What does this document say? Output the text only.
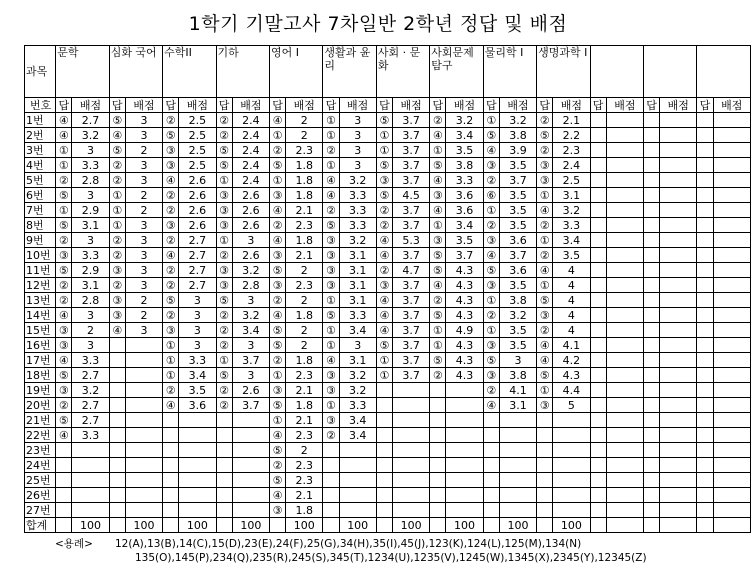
1학기 기말고사 7차일반 2학년 정답 및 배점
과목	문학		심화 국어		수학II		기하		영어 I		생활과 윤리		사회 · 문화		사회문제 탐구		물리학 I		생명과학 I							
번호	답	배점	답	배점	답	배점	답	배점	답	배점	답	배점	답	배점	답	배점	답	배점	답	배점	답	배점	답	배점	답	배점
1번	④	2.7	⑤	3	②	2.5	②	2.4	④	2	①	3	⑤	3.7	②	3.2	①	3.2	②	2.1						
2번	④	3.2	④	3	⑤	2.5	②	2.4	①	2	①	3	①	3.7	④	3.4	⑤	3.8	⑤	2.2						
3번	①	3	⑤	2	③	2.5	⑤	2.4	②	2.3	②	3	①	3.7	①	3.5	④	3.9	②	2.3						
4번	①	3.3	②	3	③	2.5	⑤	2.4	⑤	1.8	①	3	⑤	3.7	⑤	3.8	③	3.5	③	2.4						
5번	②	2.8	②	3	④	2.6	①	2.4	①	1.8	④	3.2	③	3.7	④	3.3	②	3.7	③	2.5						
6번	⑤	3	①	2	②	2.6	③	2.6	③	1.8	④	3.3	⑤	4.5	③	3.6	⑥	3.5	①	3.1						
7번	①	2.9	①	2	②	2.6	③	2.6	④	2.1	②	3.3	②	3.7	④	3.6	①	3.5	④	3.2						
8번	⑤	3.1	①	3	③	2.6	③	2.6	②	2.3	⑤	3.3	②	3.7	①	3.4	②	3.5	②	3.3						
9번	②	3	②	3	②	2.7	①	3	④	1.8	③	3.2	④	5.3	③	3.5	③	3.6	①	3.4						
10번	③	3.3	②	3	④	2.7	②	2.6	③	2.1	③	3.1	④	3.7	⑤	3.7	④	3.7	②	3.5						
11번	⑤	2.9	③	3	②	2.7	③	3.2	⑤	2	③	3.1	②	4.7	⑤	4.3	⑤	3.6	④	4						
12번	②	3.1	②	3	②	2.7	③	2.8	③	2.3	③	3.1	③	3.7	④	4.3	③	3.5	①	4						
13번	②	2.8	③	2	⑤	3	⑤	3	②	2	①	3.1	④	3.7	②	4.3	①	3.8	⑤	4						
14번	④	3	③	2	②	3	②	3.2	④	1.8	⑤	3.3	④	3.7	⑤	4.3	②	3.2	③	4						
15번	③	2	④	3	③	3	②	3.4	⑤	2	①	3.4	④	3.7	①	4.9	①	3.5	②	4						
16번	③	3			①	3	②	3	⑤	2	①	3	⑤	3.7	①	4.3	③	3.5	④	4.1						
17번	④	3.3			①	3.3	①	3.7	②	1.8	④	3.1	①	3.7	⑤	4.3	⑤	3	④	4.2						
18번	⑤	2.7			①	3.4	⑤	3	①	2.3	③	3.2	①	3.7	②	4.3	③	3.8	⑤	4.3						
19번	③	3.2			②	3.5	②	2.6	③	2.1	③	3.2					②	4.1	①	4.4						
20번	②	2.7			④	3.6	②	3.7	⑤	1.8	①	3.3					④	3.1	③	5						
21번	⑤	2.7							①	2.1	③	3.4														
22번	④	3.3							④	2.3	②	3.4														
23번									⑤	2																
24번									②	2.3																
25번									⑤	2.3																
26번									④	2.1																
27번									③	1.8																
합계		100		100		100		100		100		100		100		100		100		100						
<용례> 12(A),13(B),14(C),15(D),23(E),24(F),25(G),34(H),35(I),45(J),123(K),124(L),125(M),134(N)
135(O),145(P),234(Q),235(R),245(S),345(T),1234(U),1235(V),1245(W),1345(X),2345(Y),12345(Z)
